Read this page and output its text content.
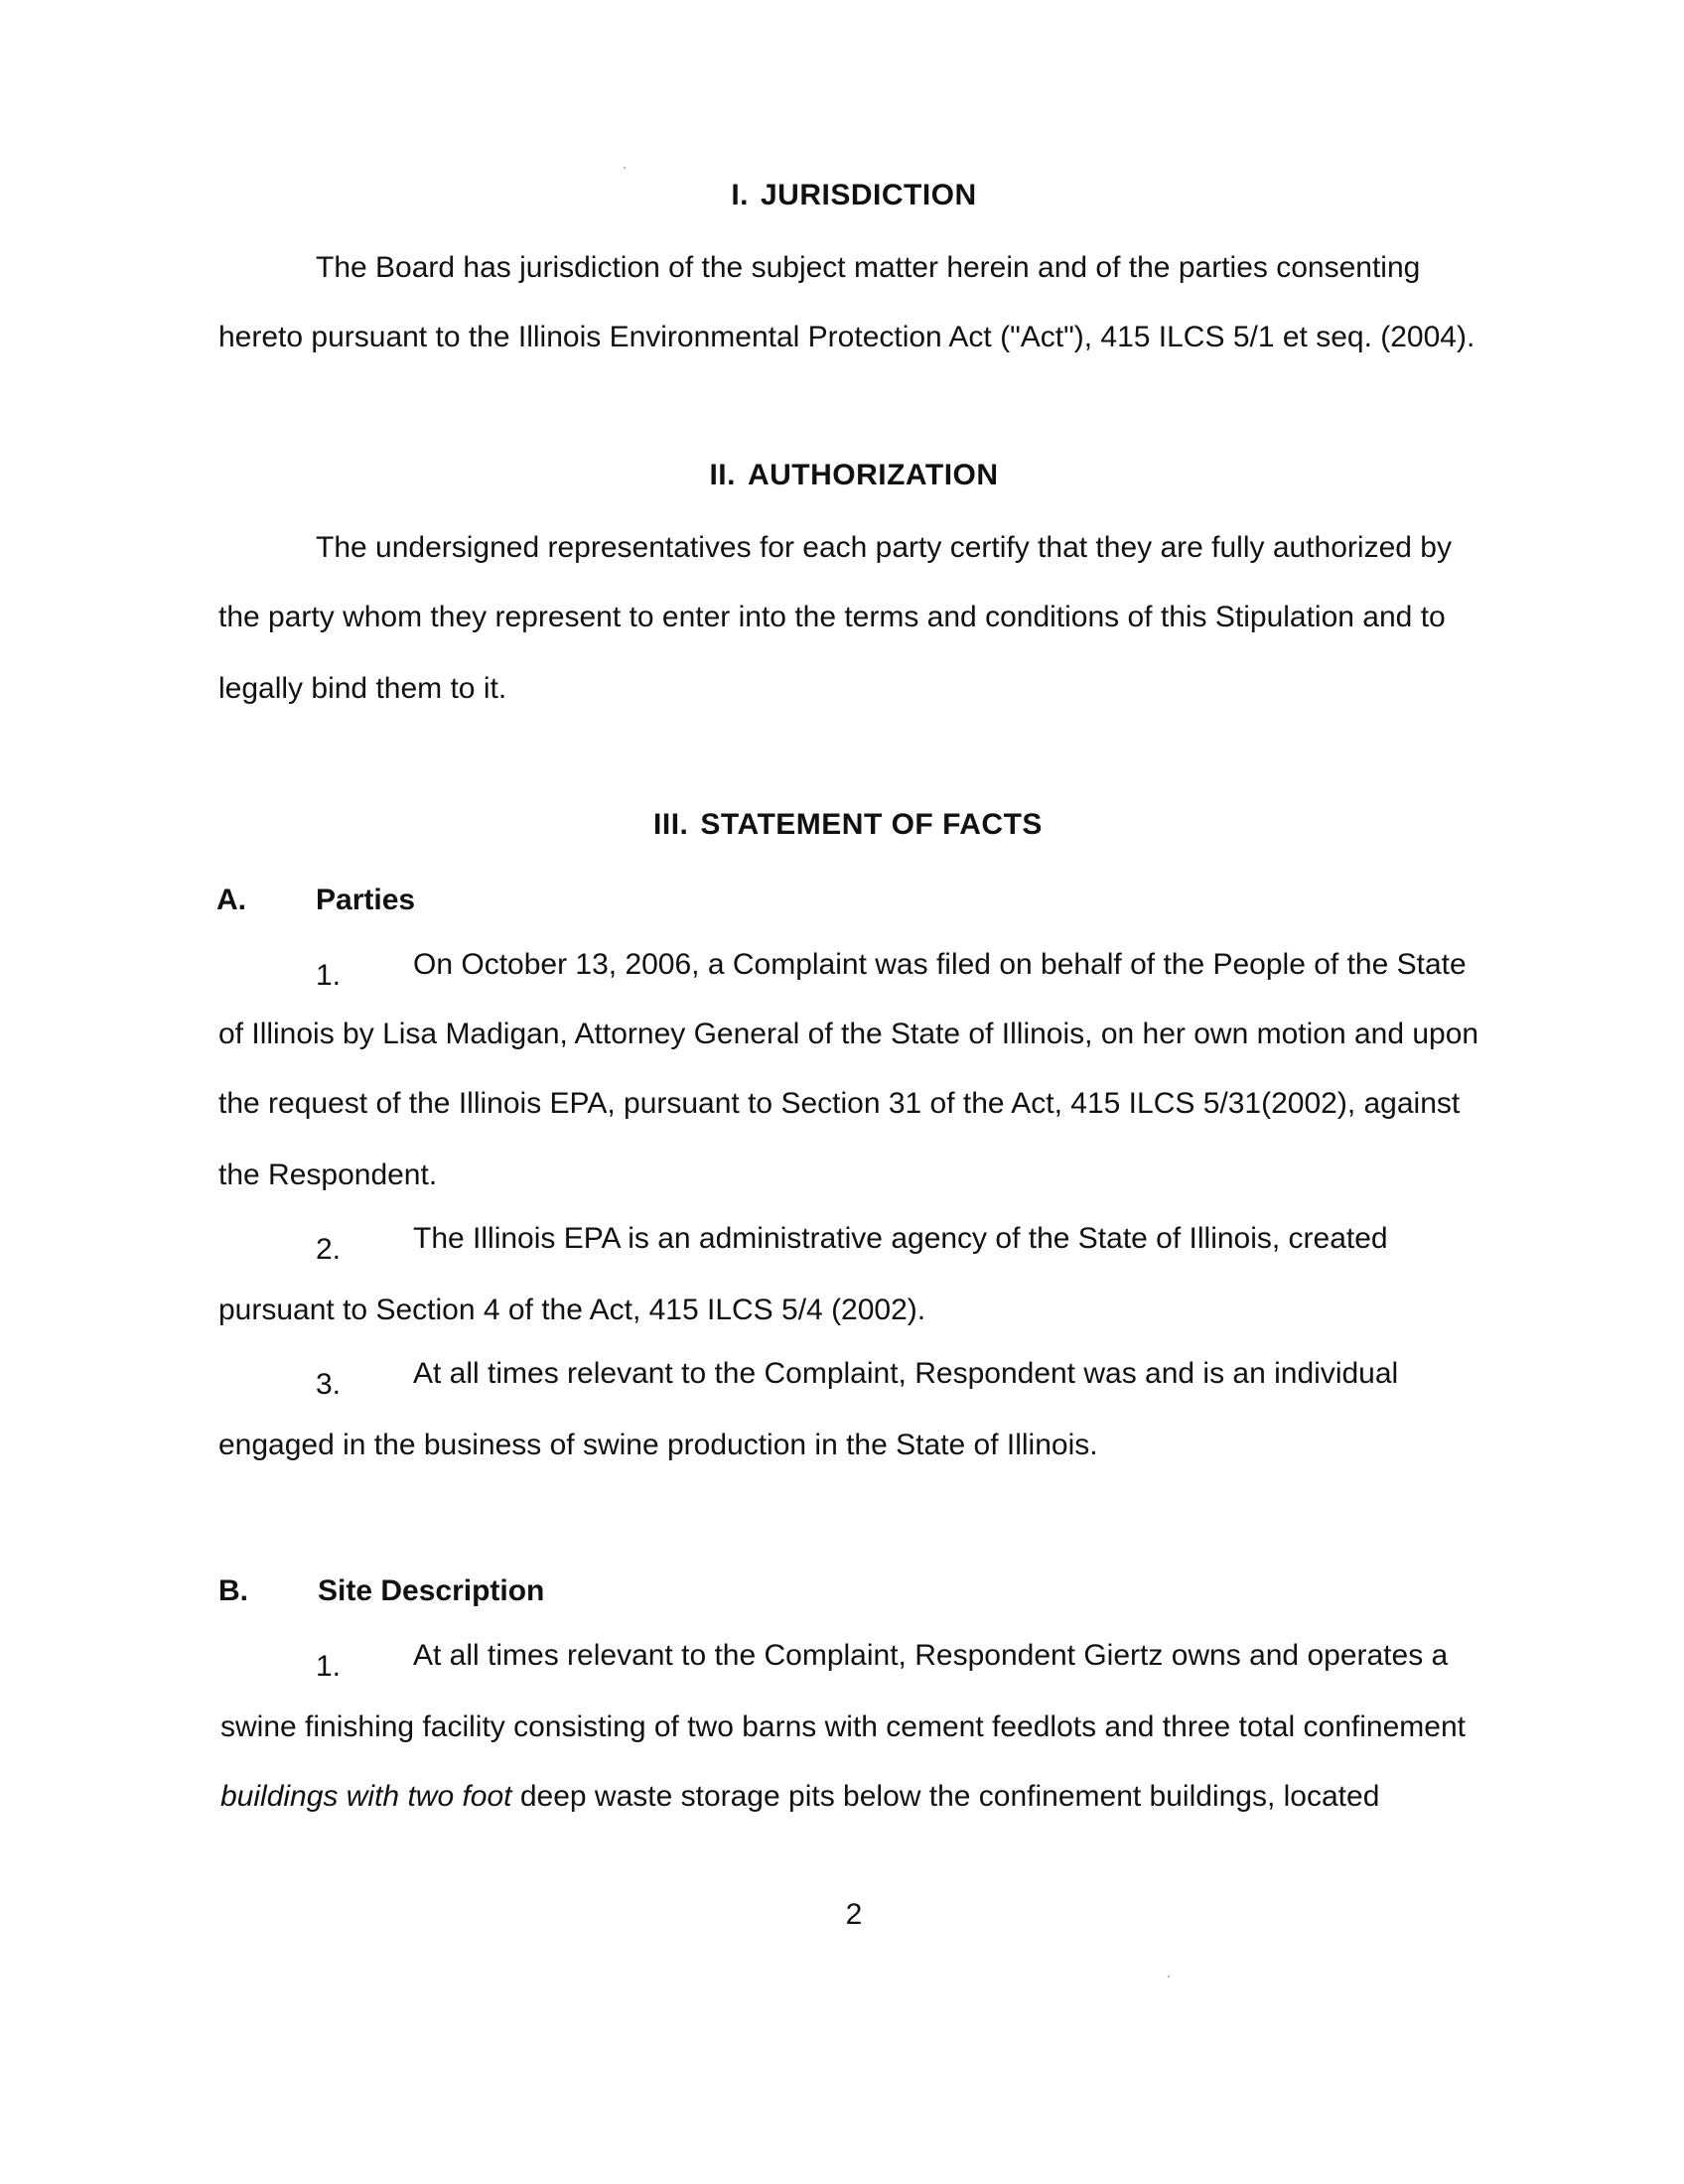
I. JURISDICTION
The Board has jurisdiction of the subject matter herein and of the parties consenting
hereto pursuant to the Illinois Environmental Protection Act ("Act"), 415 ILCS 5/1 et seq. (2004).
II. AUTHORIZATION
The undersigned representatives for each party certify that they are fully authorized by
the party whom they represent to enter into the terms and conditions of this Stipulation and to
legally bind them to it.
III. STATEMENT OF FACTS
A. Parties
1. On October 13, 2006, a Complaint was filed on behalf of the People of the State
of Illinois by Lisa Madigan, Attorney General of the State of Illinois, on her own motion and upon
the request of the Illinois EPA, pursuant to Section 31 of the Act, 415 ILCS 5/31(2002), against
the Respondent.
2. The Illinois EPA is an administrative agency of the State of Illinois, created
pursuant to Section 4 of the Act, 415 ILCS 5/4 (2002).
3. At all times relevant to the Complaint, Respondent was and is an individual
engaged in the business of swine production in the State of Illinois.
B. Site Description
1. At all times relevant to the Complaint, Respondent Giertz owns and operates a
swine finishing facility consisting of two barns with cement feedlots and three total confinement
buildings with two foot deep waste storage pits below the confinement buildings, located
2
